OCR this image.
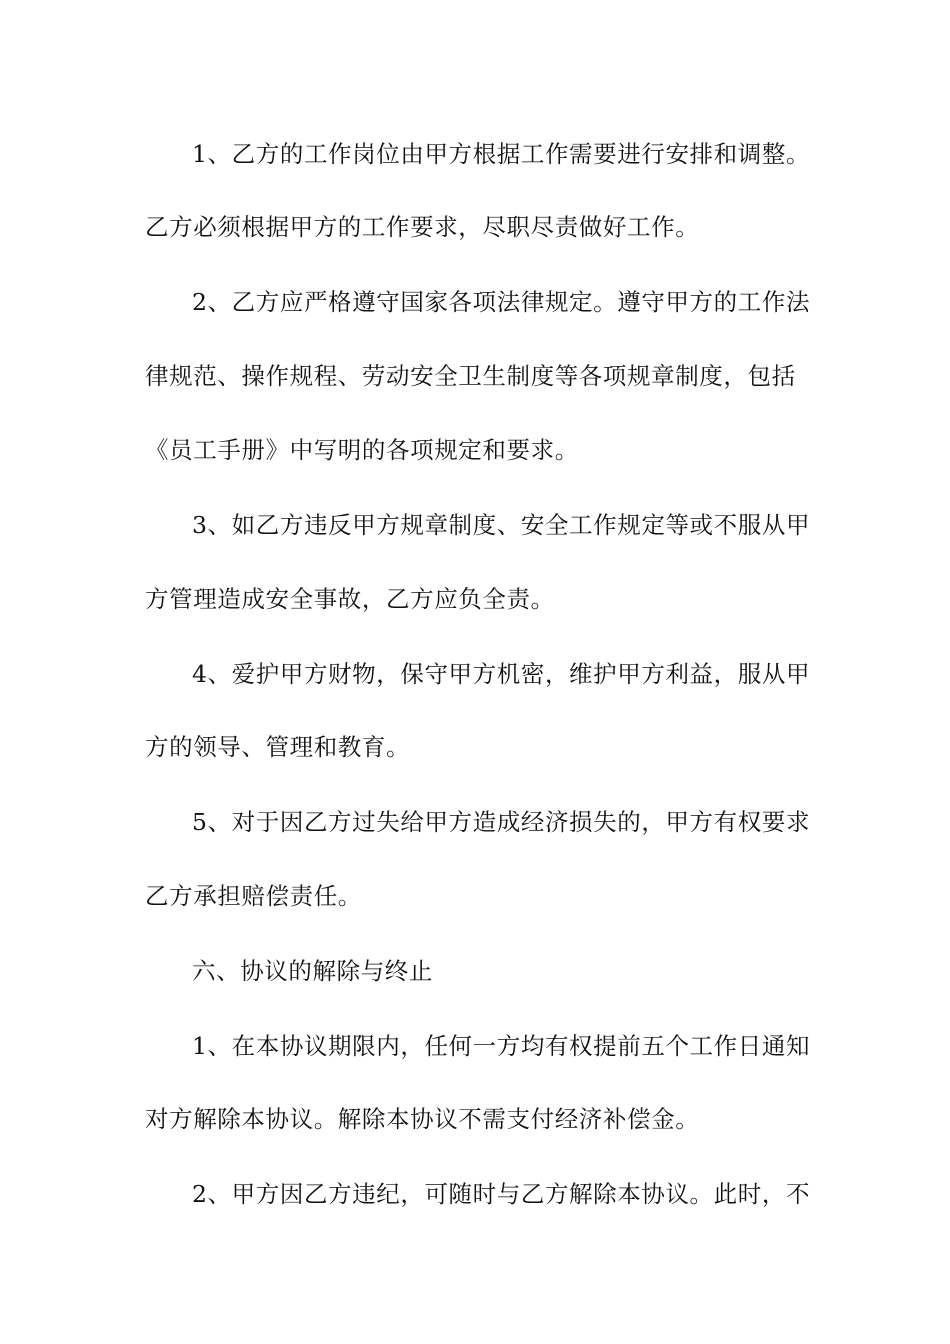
1、乙方的工作岗位由甲方根据工作需要进行安排和调整。
乙方必须根据甲方的工作要求，尽职尽责做好工作。
2、乙方应严格遵守国家各项法律规定。遵守甲方的工作法
律规范、操作规程、劳动安全卫生制度等各项规章制度，包括
《员工手册》中写明的各项规定和要求。
3、如乙方违反甲方规章制度、安全工作规定等或不服从甲
方管理造成安全事故，乙方应负全责。
4、爱护甲方财物，保守甲方机密，维护甲方利益，服从甲
方的领导、管理和教育。
5、对于因乙方过失给甲方造成经济损失的，甲方有权要求
乙方承担赔偿责任。
六、协议的解除与终止
1、在本协议期限内，任何一方均有权提前五个工作日通知
对方解除本协议。解除本协议不需支付经济补偿金。
2、甲方因乙方违纪，可随时与乙方解除本协议。此时，不
